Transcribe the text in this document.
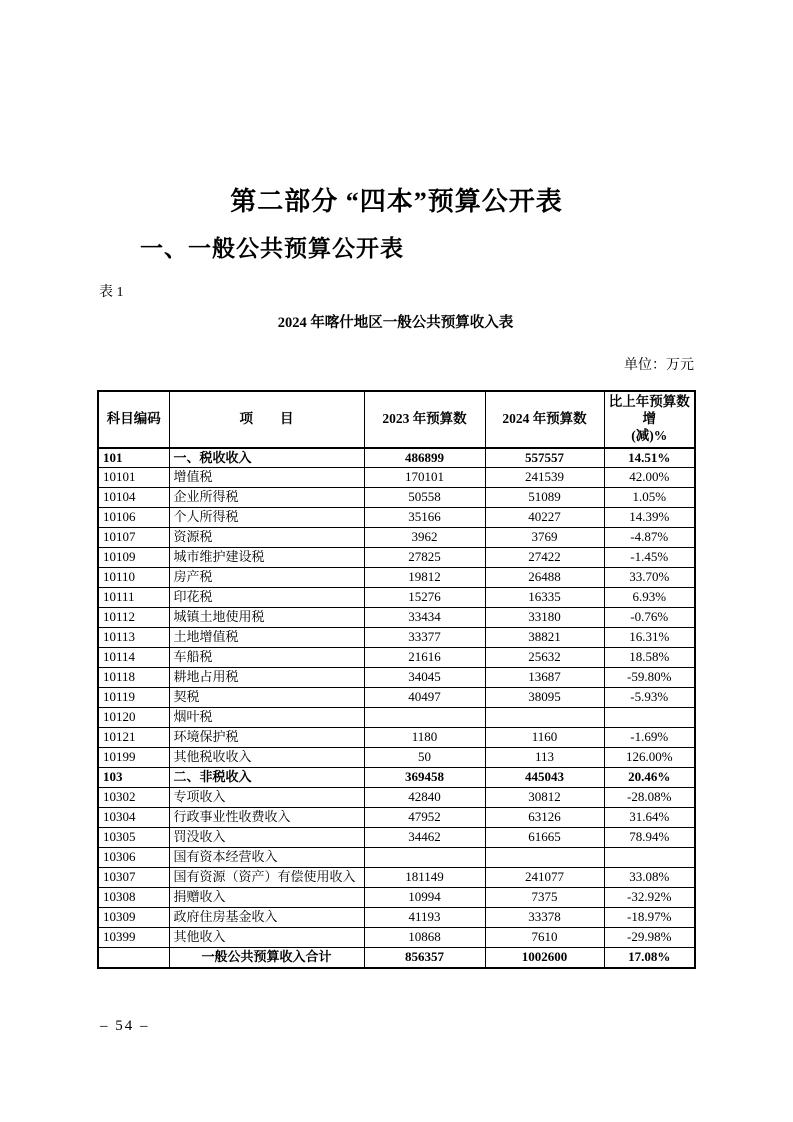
第二部分 “四本”预算公开表
一、一般公共预算公开表
表 1
2024 年喀什地区一般公共预算收入表
单位：万元
科目编码	项　　目	2023 年预算数	2024 年预算数	比上年预算数增
(减)%
101	一、税收收入	486899	557557	14.51%
10101	增值税	170101	241539	42.00%
10104	企业所得税	50558	51089	1.05%
10106	个人所得税	35166	40227	14.39%
10107	资源税	3962	3769	-4.87%
10109	城市维护建设税	27825	27422	-1.45%
10110	房产税	19812	26488	33.70%
10111	印花税	15276	16335	6.93%
10112	城镇土地使用税	33434	33180	-0.76%
10113	土地增值税	33377	38821	16.31%
10114	车船税	21616	25632	18.58%
10118	耕地占用税	34045	13687	-59.80%
10119	契税	40497	38095	-5.93%
10120	烟叶税			
10121	环境保护税	1180	1160	-1.69%
10199	其他税收收入	50	113	126.00%
103	二、非税收入	369458	445043	20.46%
10302	专项收入	42840	30812	-28.08%
10304	行政事业性收费收入	47952	63126	31.64%
10305	罚没收入	34462	61665	78.94%
10306	国有资本经营收入			
10307	国有资源（资产）有偿使用收入	181149	241077	33.08%
10308	捐赠收入	10994	7375	-32.92%
10309	政府住房基金收入	41193	33378	-18.97%
10399	其他收入	10868	7610	-29.98%
	一般公共预算收入合计	856357	1002600	17.08%
– 54 –
